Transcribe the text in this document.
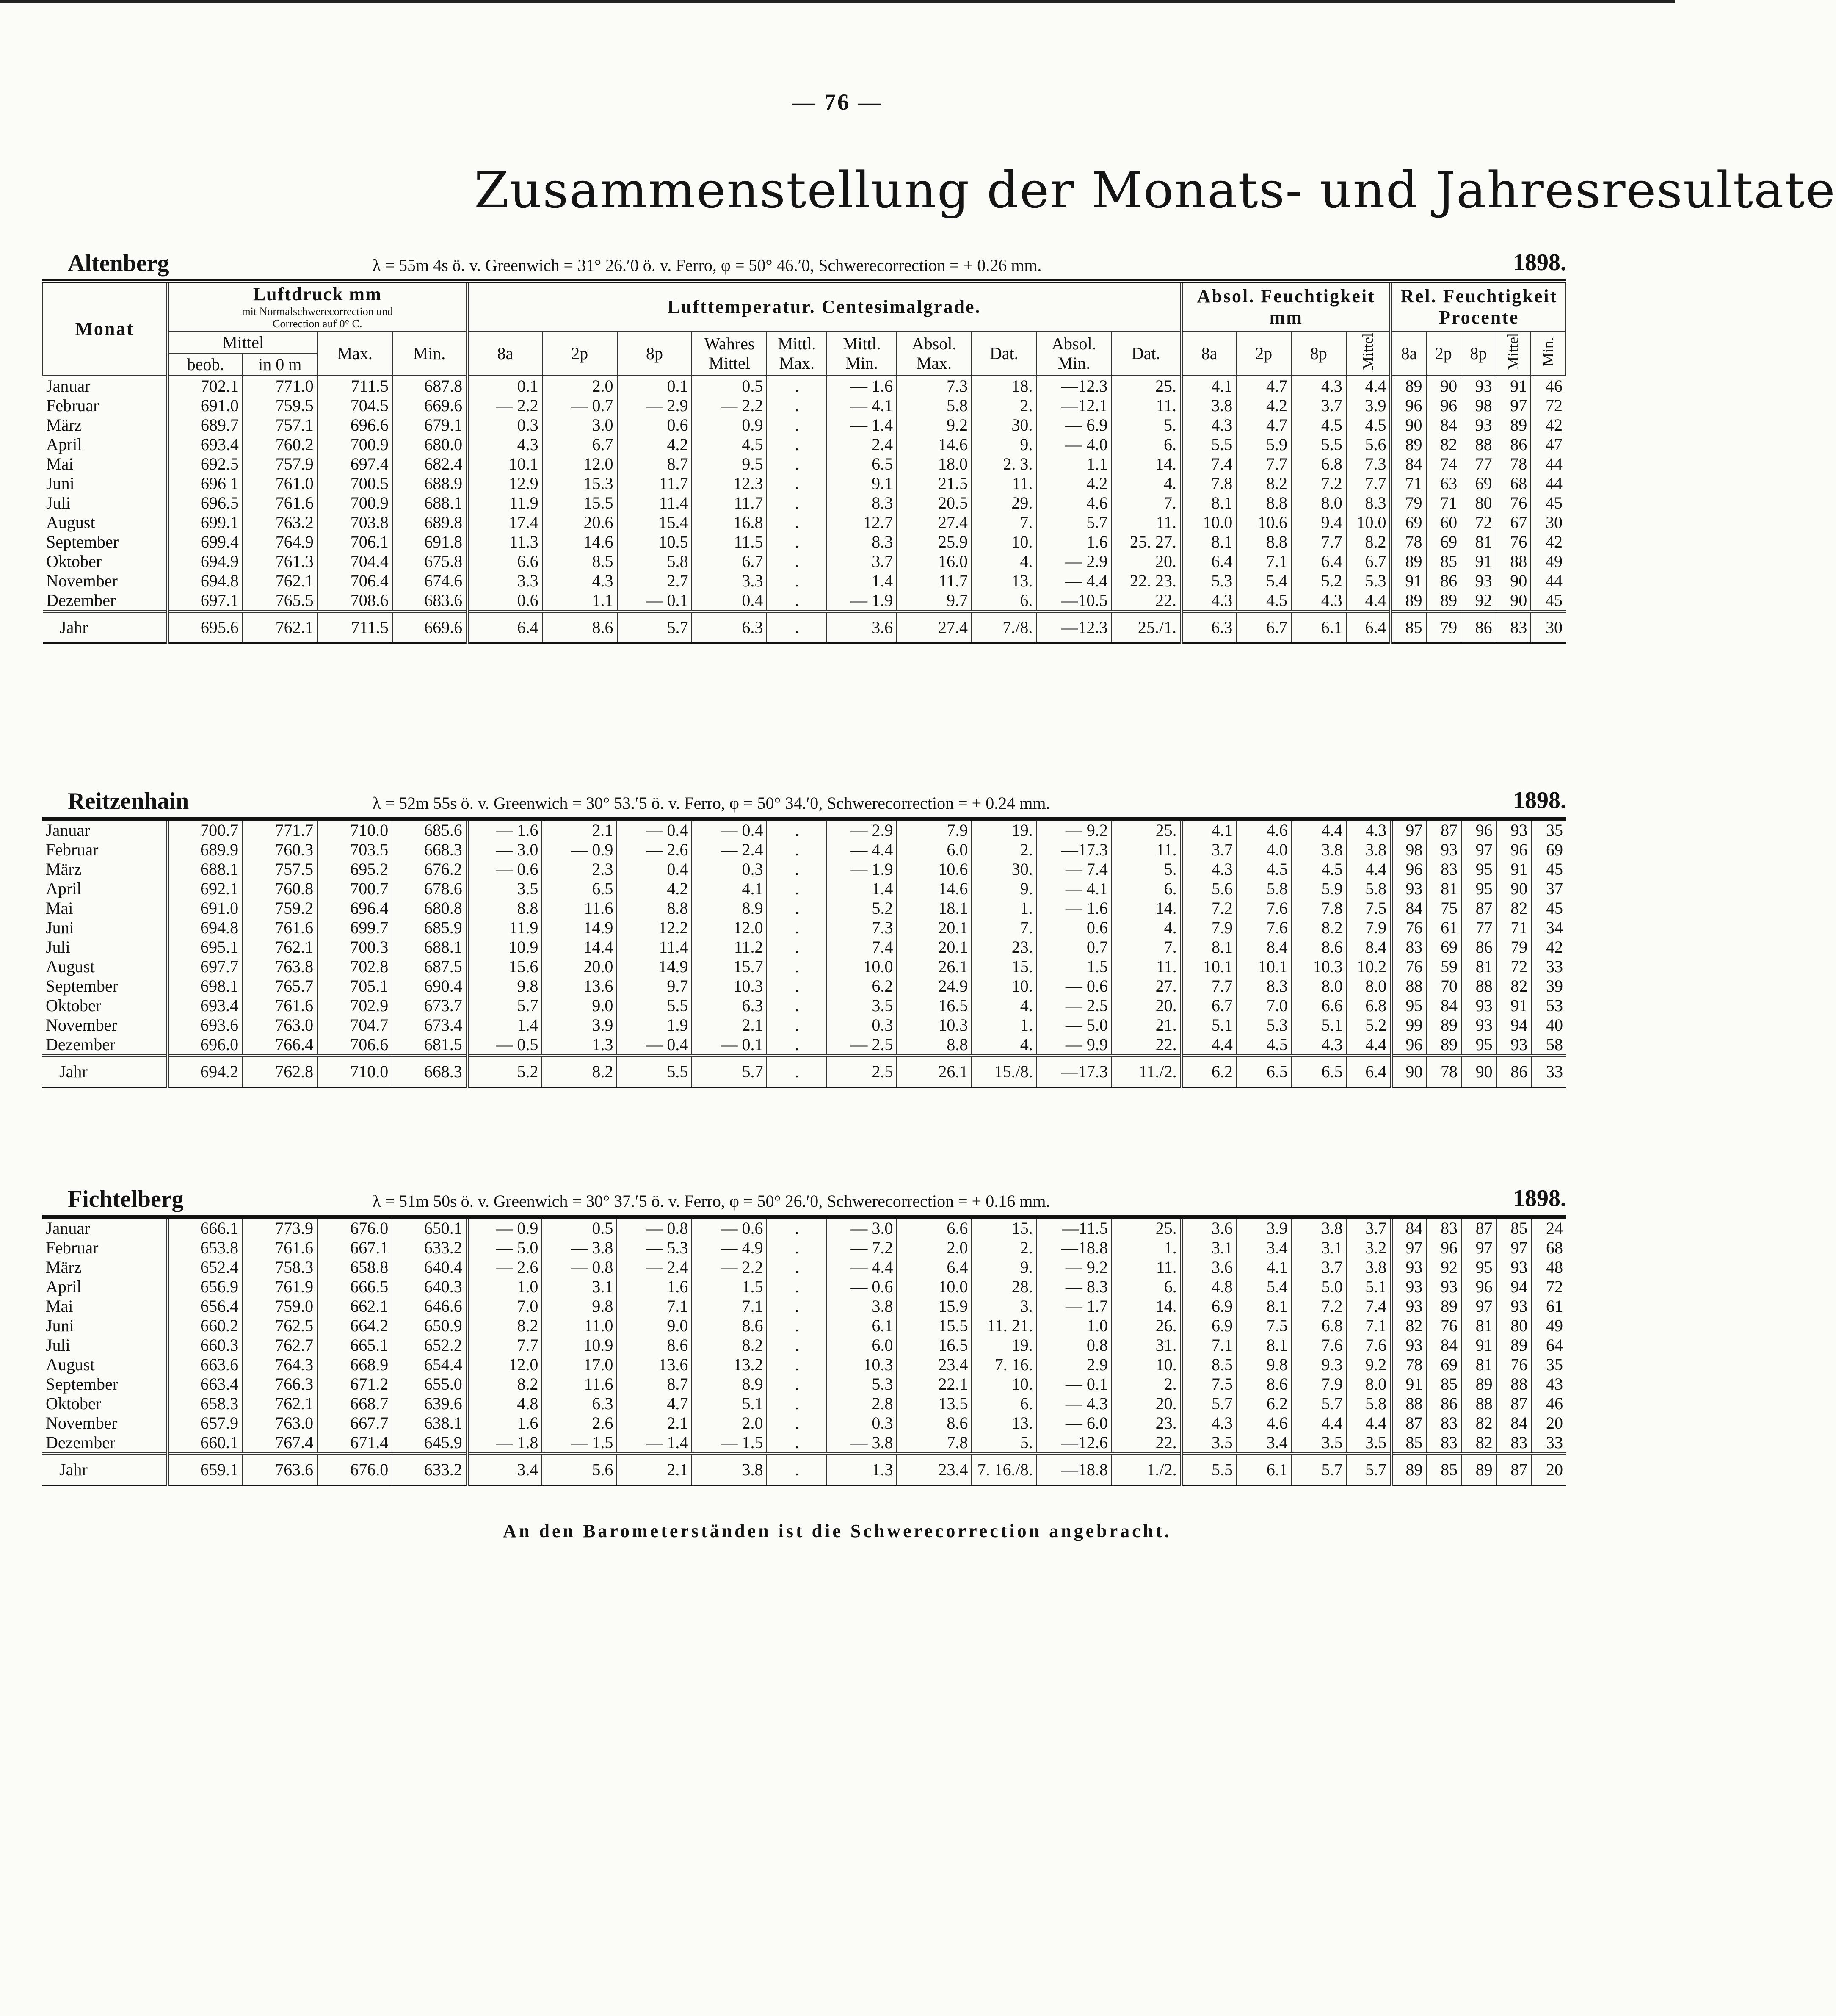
— 76 —
Zusammenstellung der Monats- und Jahresresultate
Altenberg	λ = 55m 4s ö. v. Greenwich = 31° 26.′0 ö. v. Ferro, φ = 50° 46.′0, Schwerecorrection = + 0.26 mm.	1898.
Monat	Luftdruck mm
mit Normalschwerecorrection und
Correction auf 0° C.				Lufttemperatur. Centesimalgrade.										Absol. Feuchtigkeit mm				Rel. Feuchtigkeit Procente				
	Mittel		Max.	Min.	8a	2p	8p	Wahres Mittel	Mittl. Max.	Mittl. Min.	Absol. Max.	Dat.	Absol. Min.	Dat.	8a	2p	8p	Mittel	8a	2p	8p	Mittel	Min.
	beob.	in 0 m																					
Januar	702.1	771.0	711.5	687.8	0.1	2.0	0.1	0.5	.	— 1.6	7.3	18.	—12.3	25.	4.1	4.7	4.3	4.4	89	90	93	91	46
Februar	691.0	759.5	704.5	669.6	— 2.2	— 0.7	— 2.9	— 2.2	.	— 4.1	5.8	2.	—12.1	11.	3.8	4.2	3.7	3.9	96	96	98	97	72
März	689.7	757.1	696.6	679.1	0.3	3.0	0.6	0.9	.	— 1.4	9.2	30.	— 6.9	5.	4.3	4.7	4.5	4.5	90	84	93	89	42
April	693.4	760.2	700.9	680.0	4.3	6.7	4.2	4.5	.	2.4	14.6	9.	— 4.0	6.	5.5	5.9	5.5	5.6	89	82	88	86	47
Mai	692.5	757.9	697.4	682.4	10.1	12.0	8.7	9.5	.	6.5	18.0	2. 3.	1.1	14.	7.4	7.7	6.8	7.3	84	74	77	78	44
Juni	696 1	761.0	700.5	688.9	12.9	15.3	11.7	12.3	.	9.1	21.5	11.	4.2	4.	7.8	8.2	7.2	7.7	71	63	69	68	44
Juli	696.5	761.6	700.9	688.1	11.9	15.5	11.4	11.7	.	8.3	20.5	29.	4.6	7.	8.1	8.8	8.0	8.3	79	71	80	76	45
August	699.1	763.2	703.8	689.8	17.4	20.6	15.4	16.8	.	12.7	27.4	7.	5.7	11.	10.0	10.6	9.4	10.0	69	60	72	67	30
September	699.4	764.9	706.1	691.8	11.3	14.6	10.5	11.5	.	8.3	25.9	10.	1.6	25. 27.	8.1	8.8	7.7	8.2	78	69	81	76	42
Oktober	694.9	761.3	704.4	675.8	6.6	8.5	5.8	6.7	.	3.7	16.0	4.	— 2.9	20.	6.4	7.1	6.4	6.7	89	85	91	88	49
November	694.8	762.1	706.4	674.6	3.3	4.3	2.7	3.3	.	1.4	11.7	13.	— 4.4	22. 23.	5.3	5.4	5.2	5.3	91	86	93	90	44
Dezember	697.1	765.5	708.6	683.6	0.6	1.1	— 0.1	0.4	.	— 1.9	9.7	6.	—10.5	22.	4.3	4.5	4.3	4.4	89	89	92	90	45
Jahr	695.6	762.1	711.5	669.6	6.4	8.6	5.7	6.3	.	3.6	27.4	7./8.	—12.3	25./1.	6.3	6.7	6.1	6.4	85	79	86	83	30
Reitzenhain	λ = 52m 55s ö. v. Greenwich = 30° 53.′5 ö. v. Ferro, φ = 50° 34.′0, Schwerecorrection = + 0.24 mm.	1898.
Januar	700.7	771.7	710.0	685.6	— 1.6	2.1	— 0.4	— 0.4	.	— 2.9	7.9	19.	— 9.2	25.	4.1	4.6	4.4	4.3	97	87	96	93	35
Februar	689.9	760.3	703.5	668.3	— 3.0	— 0.9	— 2.6	— 2.4	.	— 4.4	6.0	2.	—17.3	11.	3.7	4.0	3.8	3.8	98	93	97	96	69
März	688.1	757.5	695.2	676.2	— 0.6	2.3	0.4	0.3	.	— 1.9	10.6	30.	— 7.4	5.	4.3	4.5	4.5	4.4	96	83	95	91	45
April	692.1	760.8	700.7	678.6	3.5	6.5	4.2	4.1	.	1.4	14.6	9.	— 4.1	6.	5.6	5.8	5.9	5.8	93	81	95	90	37
Mai	691.0	759.2	696.4	680.8	8.8	11.6	8.8	8.9	.	5.2	18.1	1.	— 1.6	14.	7.2	7.6	7.8	7.5	84	75	87	82	45
Juni	694.8	761.6	699.7	685.9	11.9	14.9	12.2	12.0	.	7.3	20.1	7.	0.6	4.	7.9	7.6	8.2	7.9	76	61	77	71	34
Juli	695.1	762.1	700.3	688.1	10.9	14.4	11.4	11.2	.	7.4	20.1	23.	0.7	7.	8.1	8.4	8.6	8.4	83	69	86	79	42
August	697.7	763.8	702.8	687.5	15.6	20.0	14.9	15.7	.	10.0	26.1	15.	1.5	11.	10.1	10.1	10.3	10.2	76	59	81	72	33
September	698.1	765.7	705.1	690.4	9.8	13.6	9.7	10.3	.	6.2	24.9	10.	— 0.6	27.	7.7	8.3	8.0	8.0	88	70	88	82	39
Oktober	693.4	761.6	702.9	673.7	5.7	9.0	5.5	6.3	.	3.5	16.5	4.	— 2.5	20.	6.7	7.0	6.6	6.8	95	84	93	91	53
November	693.6	763.0	704.7	673.4	1.4	3.9	1.9	2.1	.	0.3	10.3	1.	— 5.0	21.	5.1	5.3	5.1	5.2	99	89	93	94	40
Dezember	696.0	766.4	706.6	681.5	— 0.5	1.3	— 0.4	— 0.1	.	— 2.5	8.8	4.	— 9.9	22.	4.4	4.5	4.3	4.4	96	89	95	93	58
Jahr	694.2	762.8	710.0	668.3	5.2	8.2	5.5	5.7	.	2.5	26.1	15./8.	—17.3	11./2.	6.2	6.5	6.5	6.4	90	78	90	86	33
Fichtelberg	λ = 51m 50s ö. v. Greenwich = 30° 37.′5 ö. v. Ferro, φ = 50° 26.′0, Schwerecorrection = + 0.16 mm.	1898.
Januar	666.1	773.9	676.0	650.1	— 0.9	0.5	— 0.8	— 0.6	.	— 3.0	6.6	15.	—11.5	25.	3.6	3.9	3.8	3.7	84	83	87	85	24
Februar	653.8	761.6	667.1	633.2	— 5.0	— 3.8	— 5.3	— 4.9	.	— 7.2	2.0	2.	—18.8	1.	3.1	3.4	3.1	3.2	97	96	97	97	68
März	652.4	758.3	658.8	640.4	— 2.6	— 0.8	— 2.4	— 2.2	.	— 4.4	6.4	9.	— 9.2	11.	3.6	4.1	3.7	3.8	93	92	95	93	48
April	656.9	761.9	666.5	640.3	1.0	3.1	1.6	1.5	.	— 0.6	10.0	28.	— 8.3	6.	4.8	5.4	5.0	5.1	93	93	96	94	72
Mai	656.4	759.0	662.1	646.6	7.0	9.8	7.1	7.1	.	3.8	15.9	3.	— 1.7	14.	6.9	8.1	7.2	7.4	93	89	97	93	61
Juni	660.2	762.5	664.2	650.9	8.2	11.0	9.0	8.6	.	6.1	15.5	11. 21.	1.0	26.	6.9	7.5	6.8	7.1	82	76	81	80	49
Juli	660.3	762.7	665.1	652.2	7.7	10.9	8.6	8.2	.	6.0	16.5	19.	0.8	31.	7.1	8.1	7.6	7.6	93	84	91	89	64
August	663.6	764.3	668.9	654.4	12.0	17.0	13.6	13.2	.	10.3	23.4	7. 16.	2.9	10.	8.5	9.8	9.3	9.2	78	69	81	76	35
September	663.4	766.3	671.2	655.0	8.2	11.6	8.7	8.9	.	5.3	22.1	10.	— 0.1	2.	7.5	8.6	7.9	8.0	91	85	89	88	43
Oktober	658.3	762.1	668.7	639.6	4.8	6.3	4.7	5.1	.	2.8	13.5	6.	— 4.3	20.	5.7	6.2	5.7	5.8	88	86	88	87	46
November	657.9	763.0	667.7	638.1	1.6	2.6	2.1	2.0	.	0.3	8.6	13.	— 6.0	23.	4.3	4.6	4.4	4.4	87	83	82	84	20
Dezember	660.1	767.4	671.4	645.9	— 1.8	— 1.5	— 1.4	— 1.5	.	— 3.8	7.8	5.	—12.6	22.	3.5	3.4	3.5	3.5	85	83	82	83	33
Jahr	659.1	763.6	676.0	633.2	3.4	5.6	2.1	3.8	.	1.3	23.4	7. 16./8.	—18.8	1./2.	5.5	6.1	5.7	5.7	89	85	89	87	20
An den Barometerständen ist die Schwerecorrection angebracht.
